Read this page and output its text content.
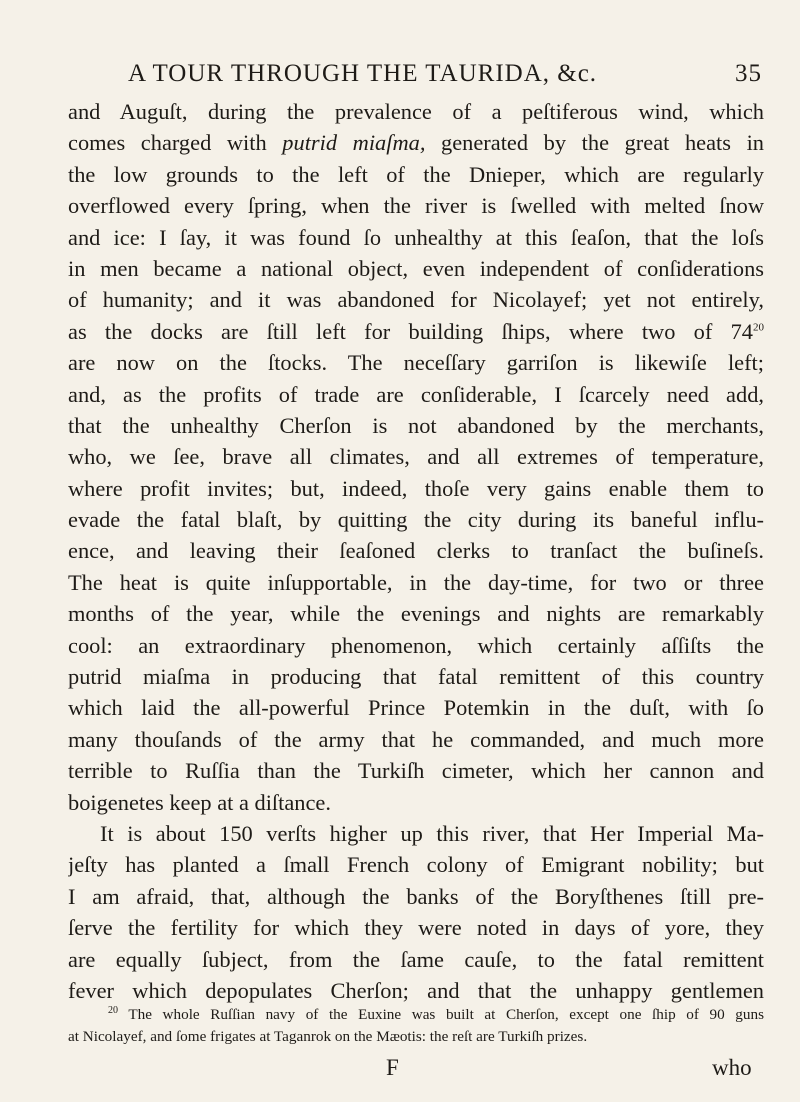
A TOUR THROUGH THE TAURIDA, &c.	35
and Auguſt, during the prevalence of a peſtiferous wind, which
comes charged with putrid miaſma, generated by the great heats in
the low grounds to the left of the Dnieper, which are regularly
overflowed every ſpring, when the river is ſwelled with melted ſnow
and ice: I ſay, it was found ſo unhealthy at this ſeaſon, that the loſs
in men became a national object, even independent of conſiderations
of humanity; and it was abandoned for Nicolayef; yet not entirely,
as the docks are ſtill left for building ſhips, where two of $74^{20}$
are now on the ſtocks. The neceſſary garriſon is likewiſe left;
and, as the profits of trade are conſiderable, I ſcarcely need add,
that the unhealthy Cherſon is not abandoned by the merchants,
who, we ſee, brave all climates, and all extremes of temperature,
where profit invites; but, indeed, thoſe very gains enable them to
evade the fatal blaſt, by quitting the city during its baneful influ-
ence, and leaving their ſeaſoned clerks to tranſact the buſineſs.
The heat is quite inſupportable, in the day-time, for two or three
months of the year, while the evenings and nights are remarkably
cool: an extraordinary phenomenon, which certainly aſſiſts the
putrid miaſma in producing that fatal remittent of this country
which laid the all-powerful Prince Potemkin in the duſt, with ſo
many thouſands of the army that he commanded, and much more
terrible to Ruſſia than the Turkiſh cimeter, which her cannon and
boigenetes keep at a diſtance.
It is about 150 verſts higher up this river, that Her Imperial Ma-
jeſty has planted a ſmall French colony of Emigrant nobility; but
I am afraid, that, although the banks of the Boryſthenes ſtill pre-
ſerve the fertility for which they were noted in days of yore, they
are equally ſubject, from the ſame cauſe, to the fatal remittent
fever which depopulates Cherſon; and that the unhappy gentlemen
$^{20}$ The whole Ruſſian navy of the Euxine was built at Cherſon, except one ſhip of 90 guns
at Nicolayef, and ſome frigates at Taganrok on the Mæotis: the reſt are Turkiſh prizes.
F	who
